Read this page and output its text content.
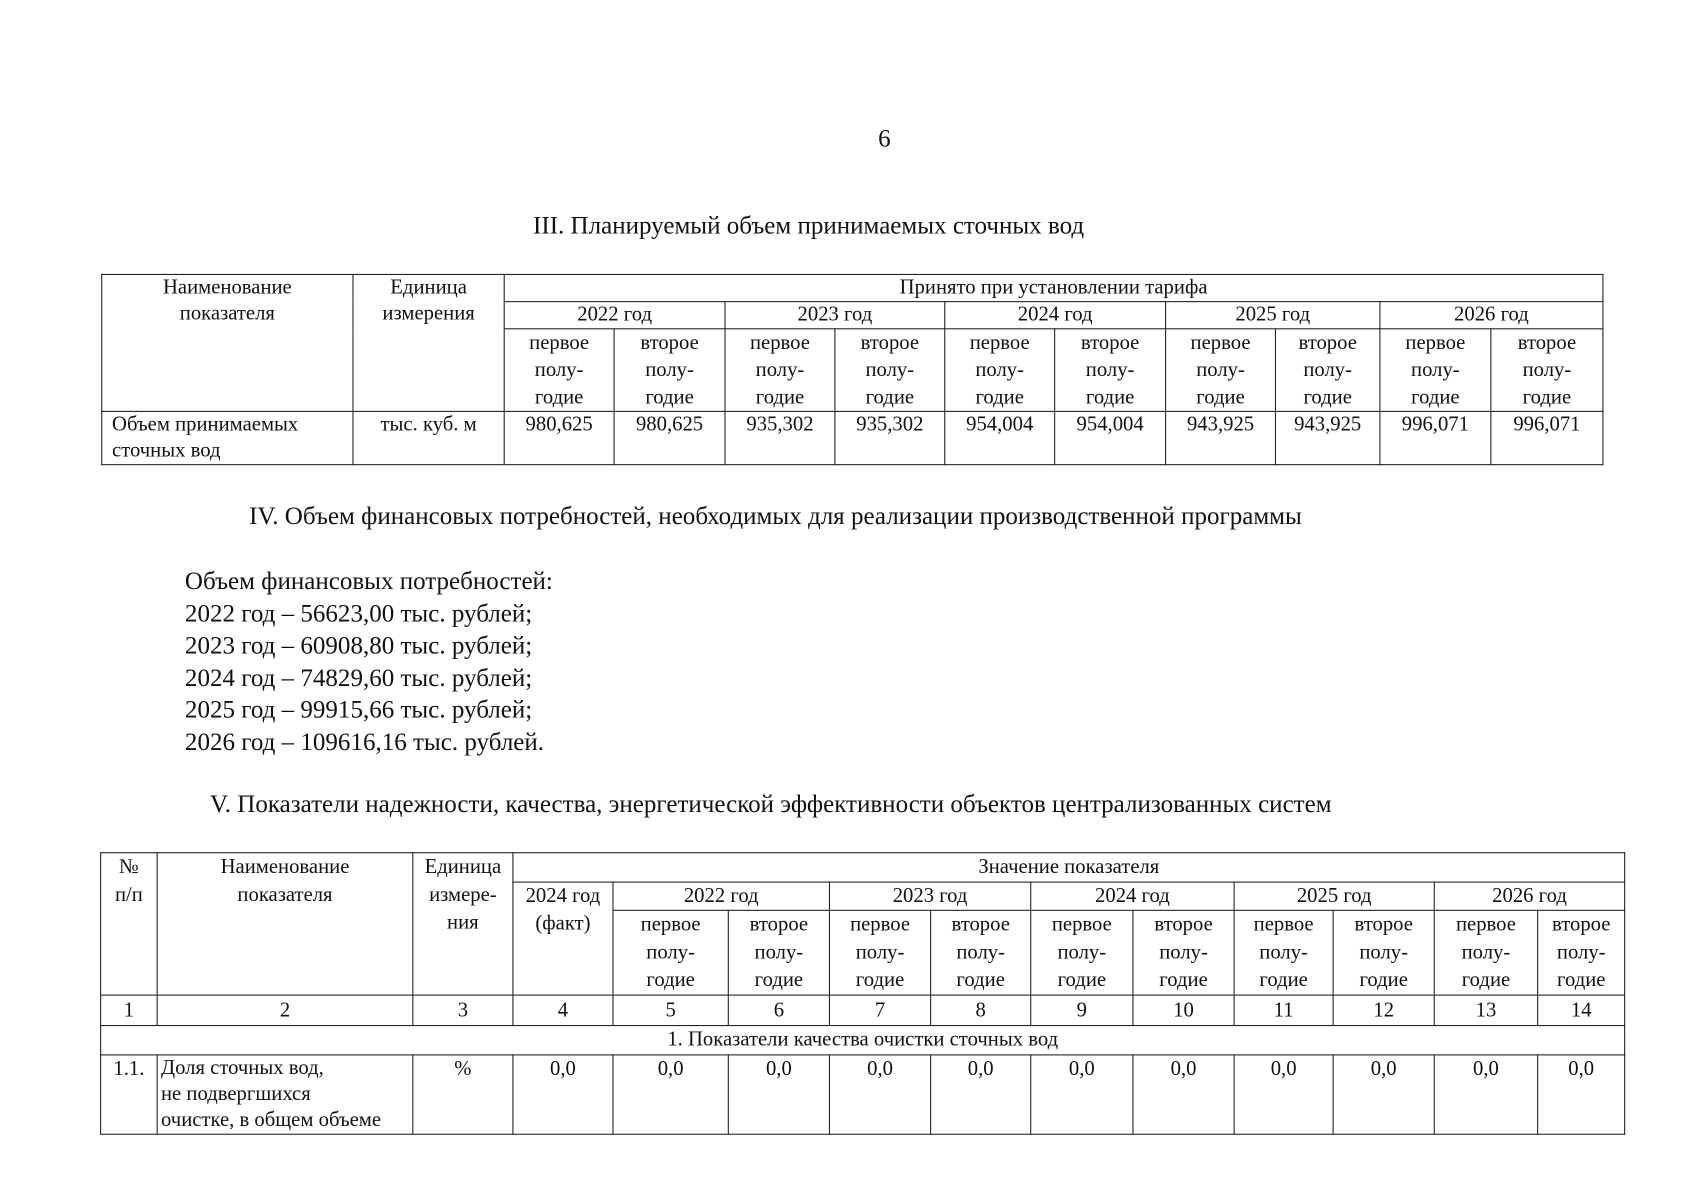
6
III. Планируемый объем принимаемых сточных вод
Наименование
показателя	Единица
измерения	Принято при установлении тарифа									
		2022 год		2023 год		2024 год		2025 год		2026 год	

		первое
полу-
годие	второе
полу-
годие	первое
полу-
годие	второе
полу-
годие	первое
полу-
годие	второе
полу-
годие	первое
полу-
годие	второе
полу-
годие	первое
полу-
годие	второе
полу-
годие

Объем принимаемых сточных вод	тыс. куб. м	980,625	980,625	935,302	935,302	954,004	954,004	943,925	943,925	996,071	996,071
IV. Объем финансовых потребностей, необходимых для реализации производственной программы
Объем финансовых потребностей:
2022 год – 56623,00 тыс. рублей;
2023 год – 60908,80 тыс. рублей;
2024 год – 74829,60 тыс. рублей;
2025 год – 99915,66 тыс. рублей;
2026 год – 109616,16 тыс. рублей.
V. Показатели надежности, качества, энергетической эффективности объектов централизованных систем
№
п/п	Наименование
показателя	Единица
измере-
ния	Значение показателя										

			2024 год
(факт)	2022 год		2023 год		2024 год		2025 год		2026 год	

				первое
полу-
годие	второе
полу-
годие	первое
полу-
годие	второе
полу-
годие	первое
полу-
годие	второе
полу-
годие	первое
полу-
годие	второе
полу-
годие	первое
полу-
годие	второе
полу-
годие

1	2	3	4	5	6	7	8	9	10	11	12	13	14
1. Показатели качества очистки сточных вод													
1.1.	Доля сточных вод,
не подвергшихся
очистке, в общем объеме	%	0,0	0,0	0,0	0,0	0,0	0,0	0,0	0,0	0,0	0,0	0,0
